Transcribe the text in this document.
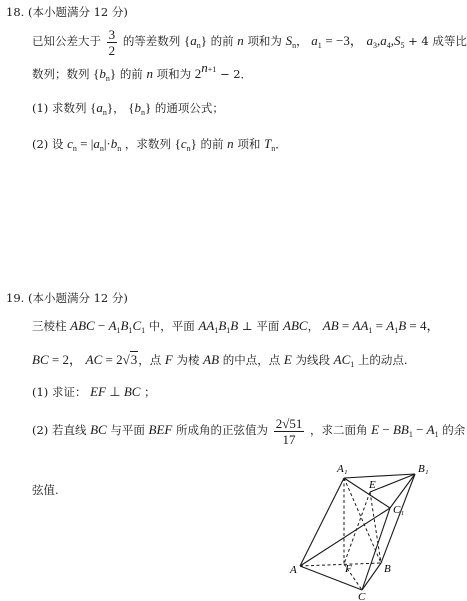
18. (本小题满分 12 分)
已知公差大于 $\frac{3}{2}$ 的等差数列 $\{a_n\}$ 的前 n 项和为 $S_n$， $a_1 = -3$， $a_3,a_4,S_5 + 4$ 成等比
数列；数列 $\{b_n\}$ 的前 n 项和为 $2^{n+1} - 2$．
(1) 求数列 $\{a_n\}$， $\{b_n\}$ 的通项公式；
(2) 设 $c_n = |a_n|\cdot b_n$ ，求数列 $\{c_n\}$ 的前 n 项和 $T_n$．
19. (本小题满分 12 分)
三棱柱 ABC − $A_1B_1C_1$ 中，平面 $AA_1B_1B$ ⊥ 平面 ABC， AB = $AA_1 = A_1B = 4$，
BC = 2， AC = 2√3，点 F 为棱 AB 的中点，点 E 为线段 $AC_1$ 上的动点.
(1) 求证： EF ⊥ BC ；
(2) 若直线 BC 与平面 BEF 所成角的正弦值为 $\frac{2√51}{17}$ ，求二面角 $E - BB_1 - A_1$ 的余
弦值.
A₁	B₁
E
C₁
A	F	B
C
